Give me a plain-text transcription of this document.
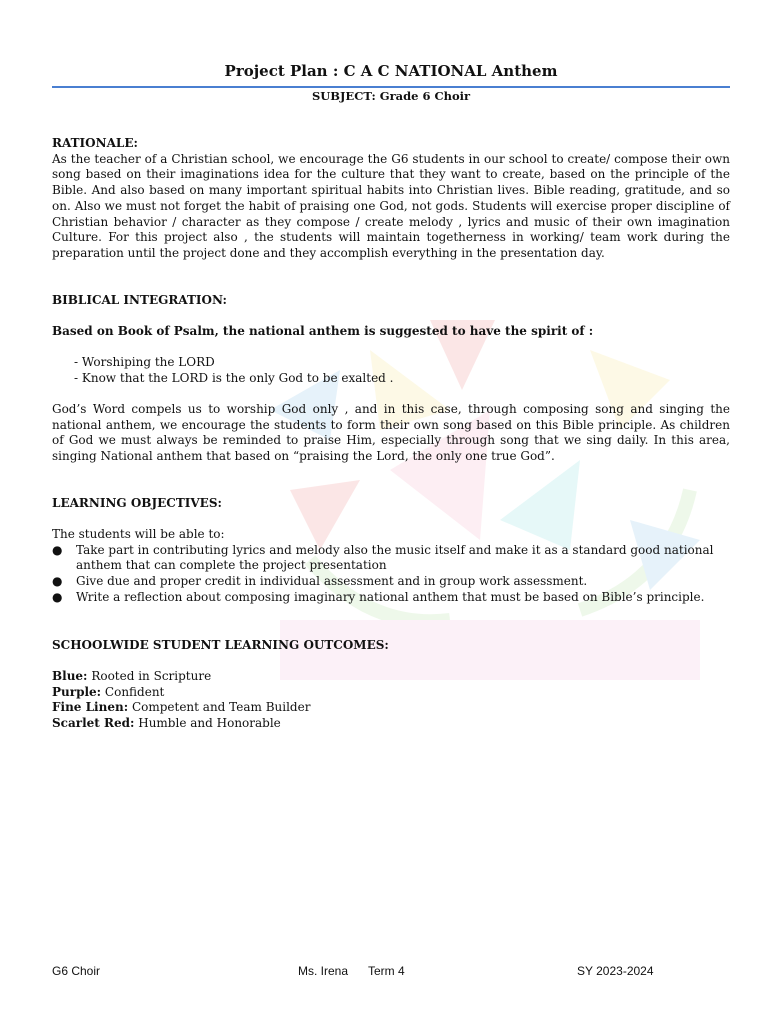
Project Plan : C A C NATIONAL Anthem
SUBJECT: Grade 6 Choir
RATIONALE:
As the teacher of a Christian school, we encourage the G6 students in our school to create/ compose their own song based on their imaginations idea for the culture that they want to create, based on the principle of the Bible. And also based on many important spiritual habits into Christian lives. Bible reading, gratitude, and so on. Also we must not forget the habit of praising one God, not gods. Students will exercise proper discipline of Christian behavior / character as they compose / create melody , lyrics and music of their own imagination Culture. For this project also , the students will maintain togetherness in working/ team work during the preparation until the project done and they accomplish everything in the presentation day.
BIBLICAL INTEGRATION:
Based on Book of Psalm, the national anthem is suggested to have the spirit of :
- Worshiping the LORD
- Know that the LORD is the only God to be exalted .
God’s Word compels us to worship God only , and in this case, through composing song and singing the national anthem, we encourage the students to form their own song based on this Bible principle. As children of God we must always be reminded to praise Him, especially through song that we sing daily. In this area, singing National anthem that based on “praising the Lord, the only one true God”.
LEARNING OBJECTIVES:
The students will be able to:
●	Take part in contributing lyrics and melody also the music itself and make it as a standard good national anthem that can complete the project presentation
●	Give due and proper credit in individual assessment and in group work assessment.
●	Write a reflection about composing imaginary national anthem that must be based on Bible’s principle.
SCHOOLWIDE STUDENT LEARNING OUTCOMES:
Blue: Rooted in Scripture
Purple: Confident
Fine Linen: Competent and Team Builder
Scarlet Red: Humble and Honorable
G6 Choir	Ms. Irena Term 4	SY 2023-2024
